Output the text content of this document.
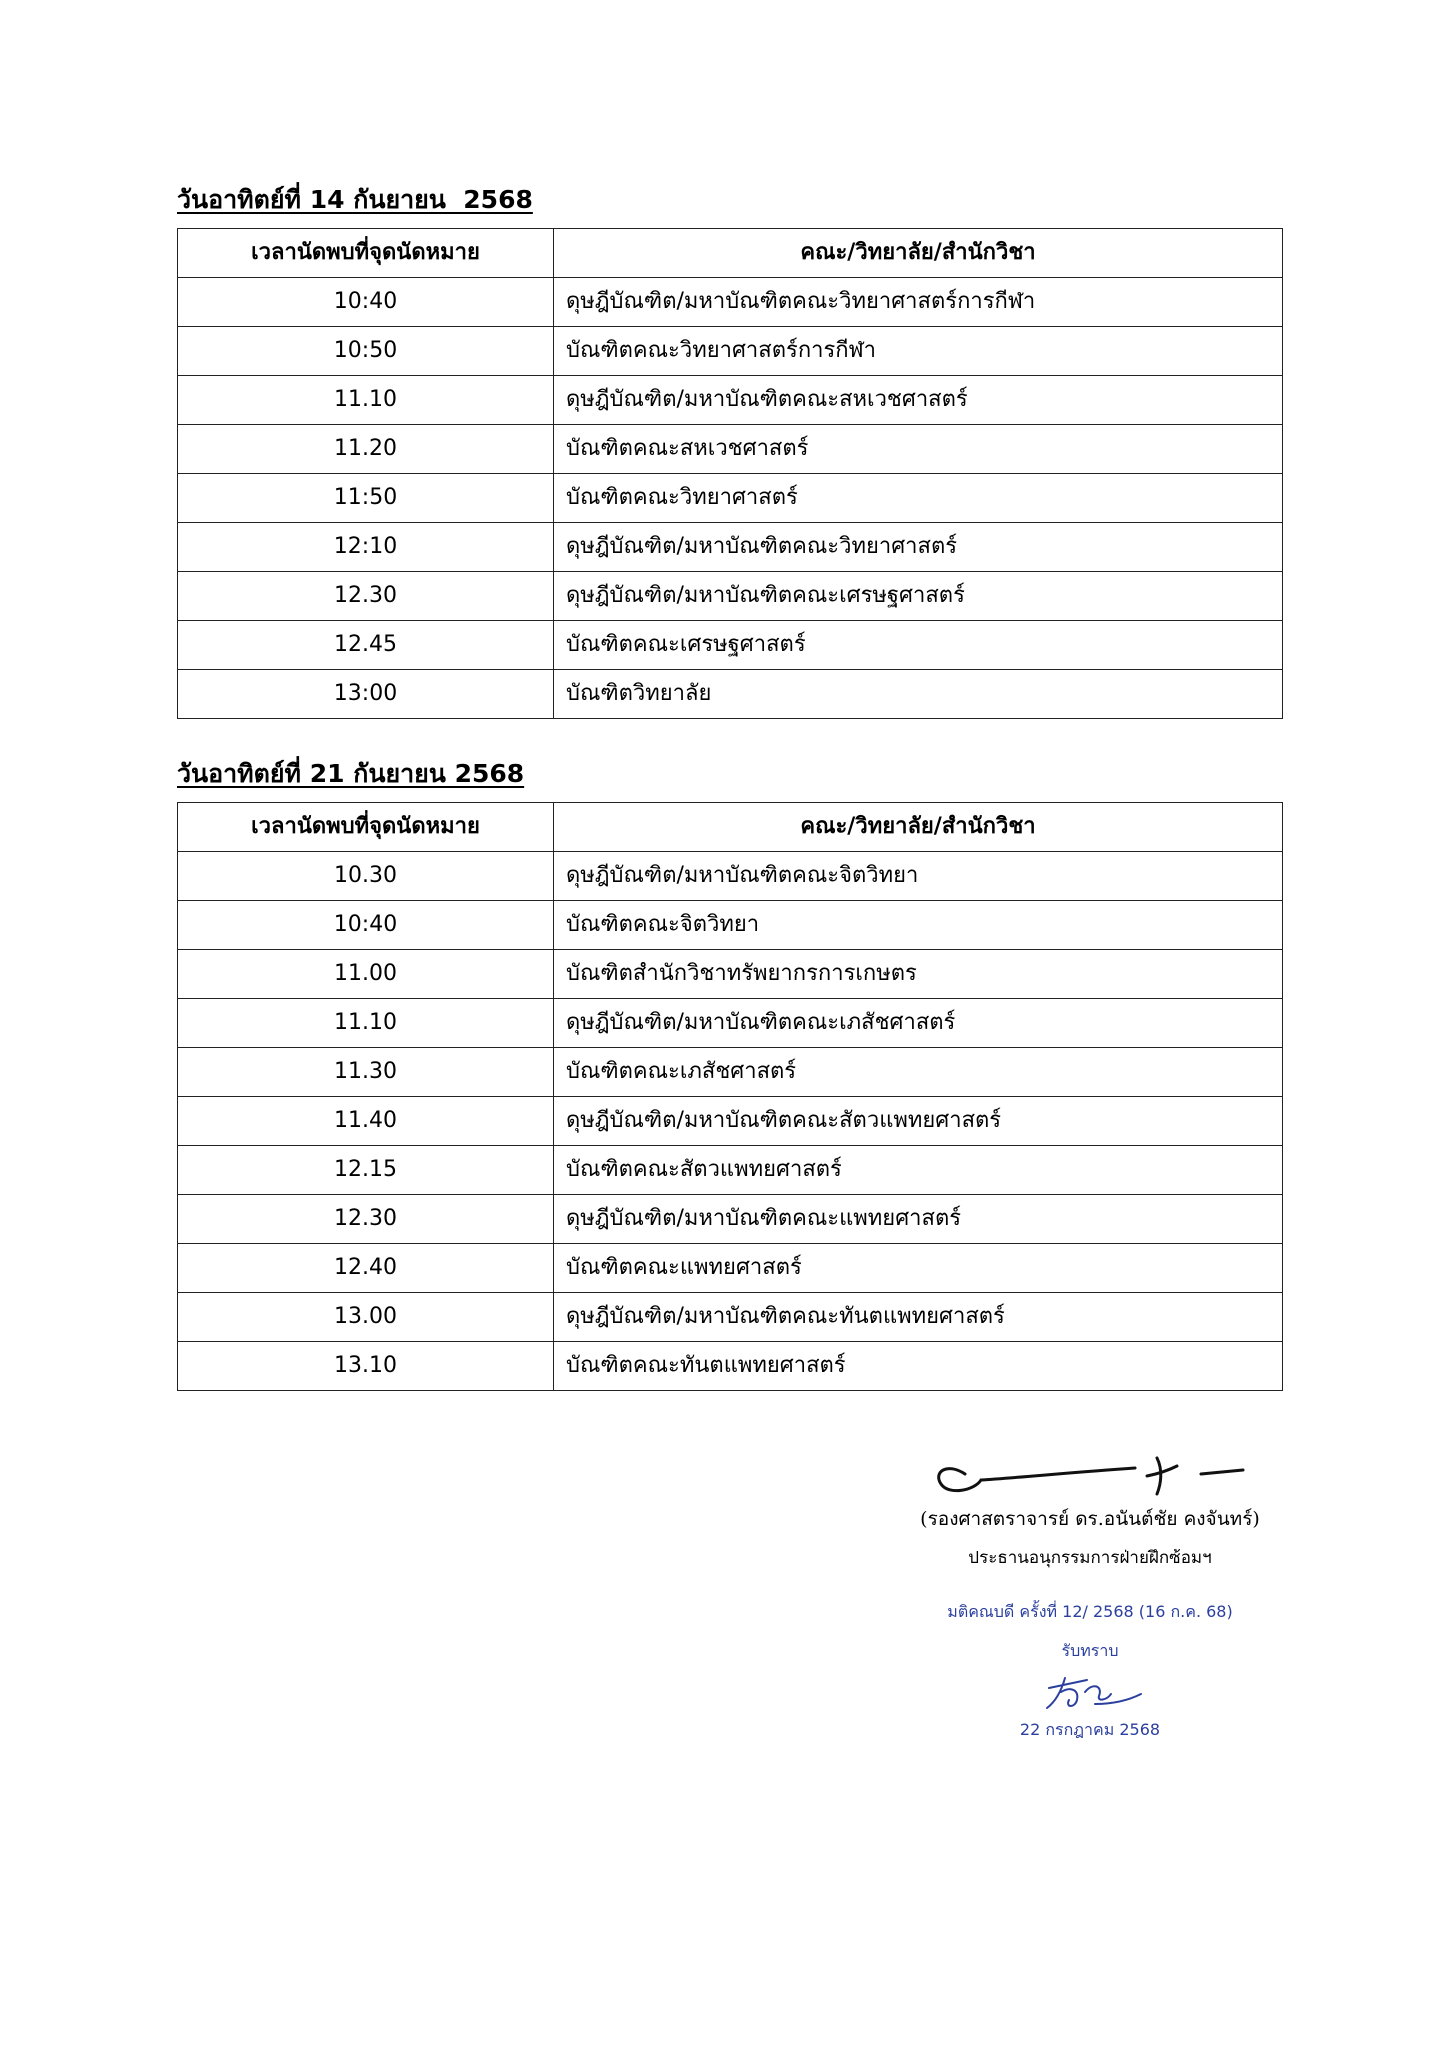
วันอาทิตย์ที่ 14 กันยายน  2568
เวลานัดพบที่จุดนัดหมาย	คณะ/วิทยาลัย/สำนักวิชา
10:40	ดุษฎีบัณฑิต/มหาบัณฑิตคณะวิทยาศาสตร์การกีฬา
10:50	บัณฑิตคณะวิทยาศาสตร์การกีฬา
11.10	ดุษฎีบัณฑิต/มหาบัณฑิตคณะสหเวชศาสตร์
11.20	บัณฑิตคณะสหเวชศาสตร์
11:50	บัณฑิตคณะวิทยาศาสตร์
12:10	ดุษฎีบัณฑิต/มหาบัณฑิตคณะวิทยาศาสตร์
12.30	ดุษฎีบัณฑิต/มหาบัณฑิตคณะเศรษฐศาสตร์
12.45	บัณฑิตคณะเศรษฐศาสตร์
13:00	บัณฑิตวิทยาลัย
วันอาทิตย์ที่ 21 กันยายน 2568
เวลานัดพบที่จุดนัดหมาย	คณะ/วิทยาลัย/สำนักวิชา
10.30	ดุษฎีบัณฑิต/มหาบัณฑิตคณะจิตวิทยา
10:40	บัณฑิตคณะจิตวิทยา
11.00	บัณฑิตสำนักวิชาทรัพยากรการเกษตร
11.10	ดุษฎีบัณฑิต/มหาบัณฑิตคณะเภสัชศาสตร์
11.30	บัณฑิตคณะเภสัชศาสตร์
11.40	ดุษฎีบัณฑิต/มหาบัณฑิตคณะสัตวแพทยศาสตร์
12.15	บัณฑิตคณะสัตวแพทยศาสตร์
12.30	ดุษฎีบัณฑิต/มหาบัณฑิตคณะแพทยศาสตร์
12.40	บัณฑิตคณะแพทยศาสตร์
13.00	ดุษฎีบัณฑิต/มหาบัณฑิตคณะทันตแพทยศาสตร์
13.10	บัณฑิตคณะทันตแพทยศาสตร์
(รองศาสตราจารย์ ดร.อนันต์ชัย คงจันทร์)
ประธานอนุกรรมการฝ่ายฝึกซ้อมฯ
มติคณบดี ครั้งที่ 12/ 2568 (16 ก.ค. 68)
รับทราบ
22 กรกฎาคม 2568
